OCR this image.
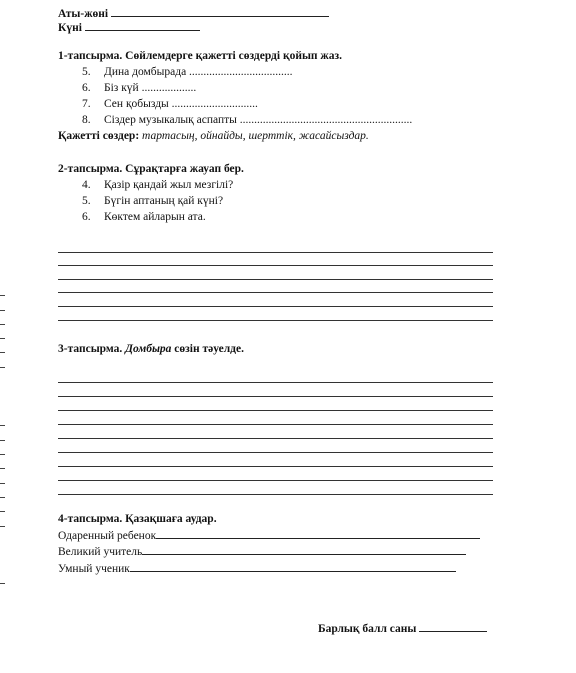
Аты-жөні
Күні
1-тапсырма. Сөйлемдерге қажетті сөздерді қойып жаз.
5. Дина домбырада ....................................
6. Біз күй ...................
7. Сен қобызды ..............................
8. Сіздер музыкалық аспапты ............................................................
Қажетті сөздер: тартасың, ойнайды, шерттік, жасайсыздар.
2-тапсырма. Сұрақтарға жауап бер.
4. Қазір қандай жыл мезгілі?
5. Бүгін аптаның қай күні?
6. Көктем айларын ата.
3-тапсырма. Домбыра сөзін тәуелде.
4-тапсырма. Қазақшаға аудар.
Одаренный ребенок
Великий учитель
Умный ученик
Барлық балл саны
